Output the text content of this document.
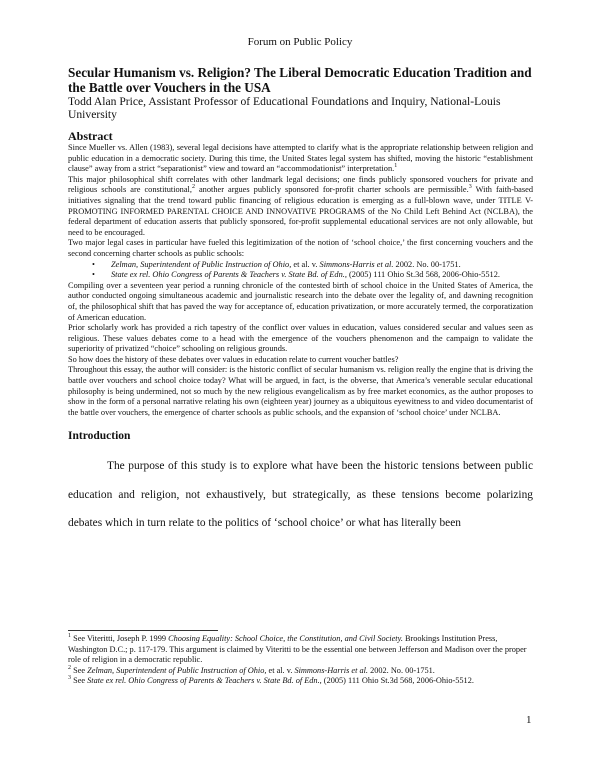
Forum on Public Policy

Secular Humanism vs. Religion? The Liberal Democratic Education Tradition and the Battle over Vouchers in the USA

Todd Alan Price, Assistant Professor of Educational Foundations and Inquiry, National-Louis University

Abstract

Since Mueller vs. Allen (1983), several legal decisions have attempted to clarify what is the appropriate relationship between religion and public education in a democratic society. During this time, the United States legal system has shifted, moving the historic “establishment clause” away from a strict “separationist” view and toward an “accommodationist” interpretation.$^1$

This major philosophical shift correlates with other landmark legal decisions; one finds publicly sponsored vouchers for private and religious schools are constitutional,$^2$ another argues publicly sponsored for-profit charter schools are permissible.$^3$ With faith-based initiatives signaling that the trend toward public financing of religious education is emerging as a full-blown wave, under TITLE V-PROMOTING INFORMED PARENTAL CHOICE AND INNOVATIVE PROGRAMS of the No Child Left Behind Act (NCLBA), the federal department of education asserts that publicly sponsored, for-profit supplemental educational services are not only allowable, but need to be encouraged.

Two major legal cases in particular have fueled this legitimization of the notion of ‘school choice,’ the first concerning vouchers and the second concerning charter schools as public schools:

• Zelman, Superintendent of Public Instruction of Ohio, et al. v. Simmons-Harris et al. 2002. No. 00-1751.
• State ex rel. Ohio Congress of Parents & Teachers v. State Bd. of Edn., (2005) 111 Ohio St.3d 568, 2006-Ohio-5512.

Compiling over a seventeen year period a running chronicle of the contested birth of school choice in the United States of America, the author conducted ongoing simultaneous academic and journalistic research into the debate over the legality of, and dawning recognition of, the philosophical shift that has paved the way for acceptance of, education privatization, or more accurately termed, the corporatization of American education.

Prior scholarly work has provided a rich tapestry of the conflict over values in education, values considered secular and values seen as religious. These values debates come to a head with the emergence of the vouchers phenomenon and the campaign to validate the superiority of privatized “choice” schooling on religious grounds.

So how does the history of these debates over values in education relate to current voucher battles?

Throughout this essay, the author will consider: is the historic conflict of secular humanism vs. religion really the engine that is driving the battle over vouchers and school choice today? What will be argued, in fact, is the obverse, that America’s venerable secular educational philosophy is being undermined, not so much by the new religious evangelicalism as by free market economics, as the author proposes to show in the form of a personal narrative relating his own (eighteen year) journey as a ubiquitous eyewitness to and video documentarist of the battle over vouchers, the emergence of charter schools as public schools, and the expansion of ‘school choice’ under NCLBA.

Introduction

The purpose of this study is to explore what have been the historic tensions between public education and religion, not exhaustively, but strategically, as these tensions become polarizing debates which in turn relate to the politics of ‘school choice’ or what has literally been

$^1$ See Viteritti, Joseph P. 1999 Choosing Equality: School Choice, the Constitution, and Civil Society. Brookings Institution Press, Washington D.C.; p. 117-179. This argument is claimed by Viteritti to be the essential one between Jefferson and Madison over the proper role of religion in a democratic republic.

$^2$ See Zelman, Superintendent of Public Instruction of Ohio, et al. v. Simmons-Harris et al. 2002. No. 00-1751.

$^3$ See State ex rel. Ohio Congress of Parents & Teachers v. State Bd. of Edn., (2005) 111 Ohio St.3d 568, 2006-Ohio-5512.

1
